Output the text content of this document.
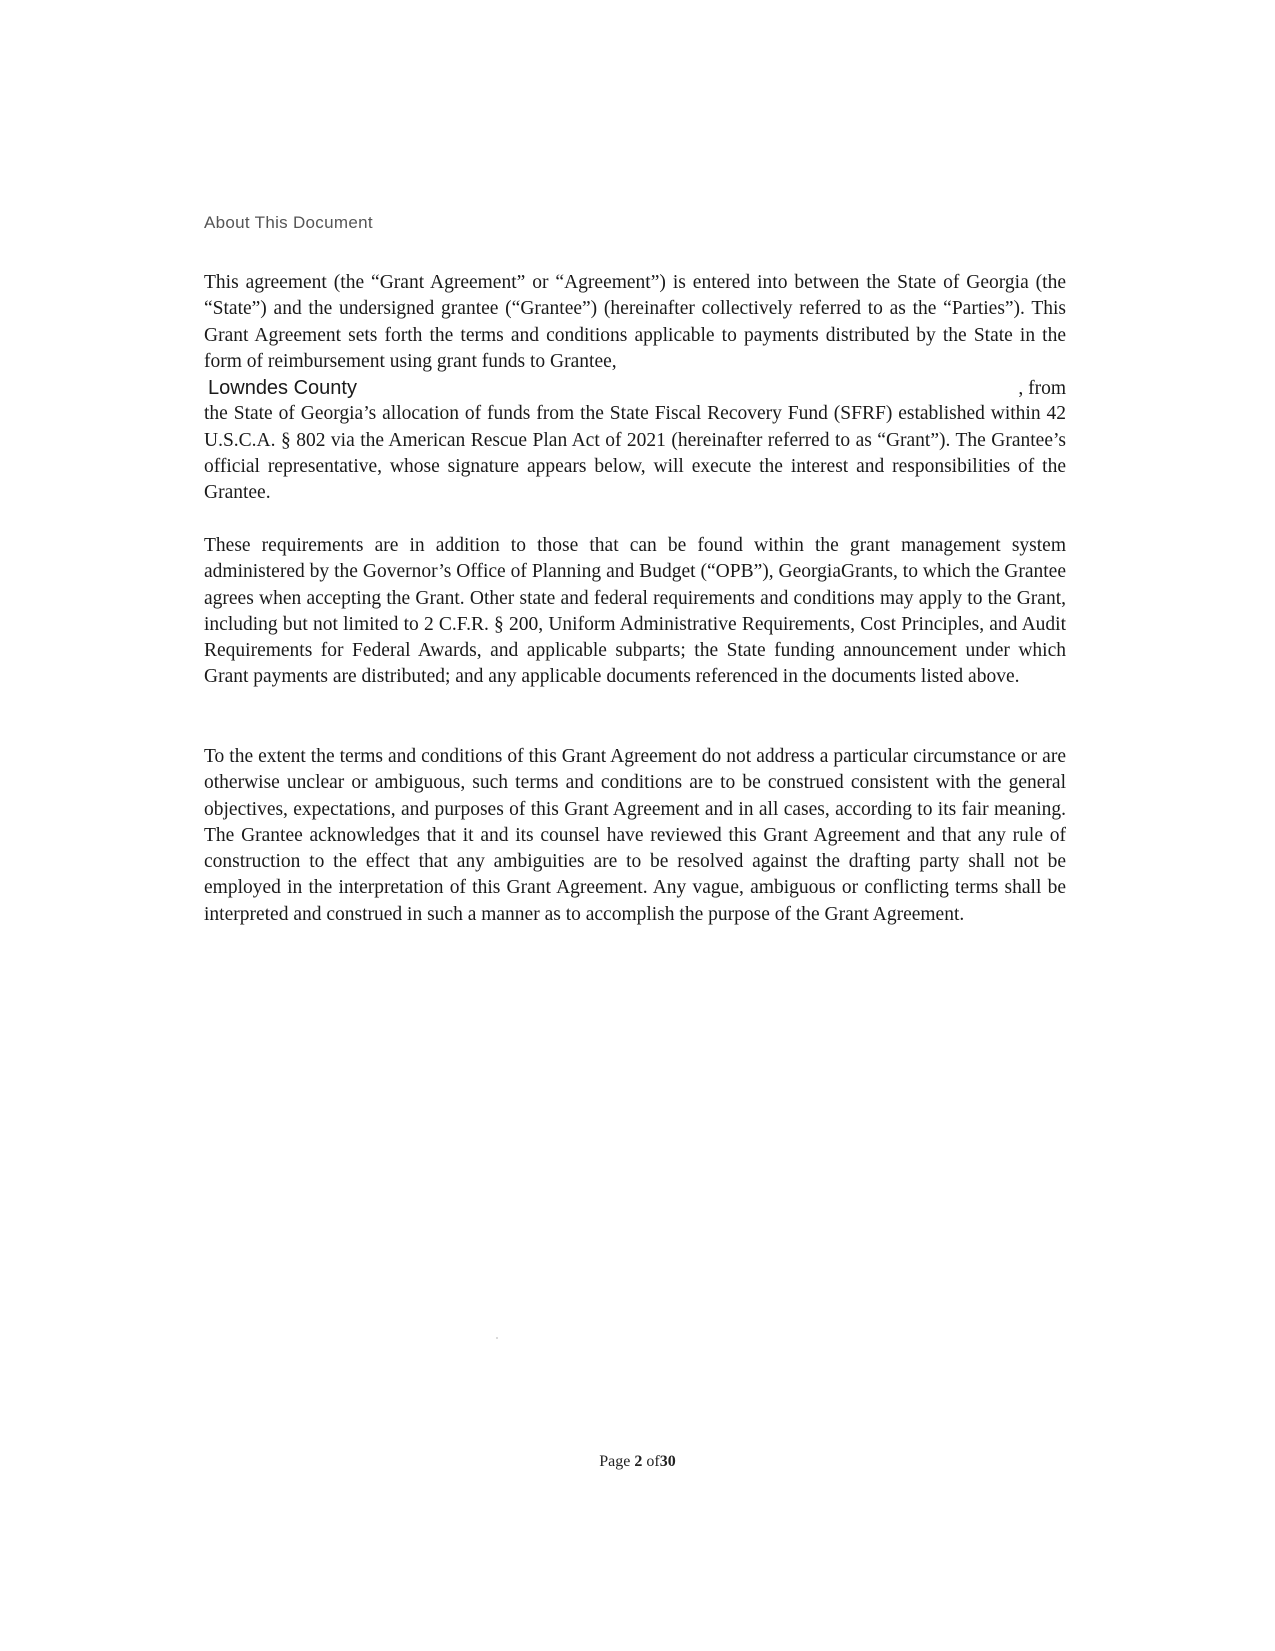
About This Document
This agreement (the “Grant Agreement” or “Agreement”) is entered into between the State of Georgia (the “State”) and the undersigned grantee (“Grantee”) (hereinafter collectively referred to as the “Parties”). This Grant Agreement sets forth the terms and conditions applicable to payments distributed by the State in the form of reimbursement using grant funds to Grantee,
Lowndes County	, from
the State of Georgia’s allocation of funds from the State Fiscal Recovery Fund (SFRF) established within 42 U.S.C.A. § 802 via the American Rescue Plan Act of 2021 (hereinafter referred to as “Grant”). The Grantee’s official representative, whose signature appears below, will execute the interest and responsibilities of the Grantee.

These requirements are in addition to those that can be found within the grant management system administered by the Governor’s Office of Planning and Budget (“OPB”), GeorgiaGrants, to which the Grantee agrees when accepting the Grant. Other state and federal requirements and conditions may apply to the Grant, including but not limited to 2 C.F.R. § 200, Uniform Administrative Requirements, Cost Principles, and Audit Requirements for Federal Awards, and applicable subparts; the State funding announcement under which Grant payments are distributed; and any applicable documents referenced in the documents listed above.

To the extent the terms and conditions of this Grant Agreement do not address a particular circumstance or are otherwise unclear or ambiguous, such terms and conditions are to be construed consistent with the general objectives, expectations, and purposes of this Grant Agreement and in all cases, according to its fair meaning. The Grantee acknowledges that it and its counsel have reviewed this Grant Agreement and that any rule of construction to the effect that any ambiguities are to be resolved against the drafting party shall not be employed in the interpretation of this Grant Agreement. Any vague, ambiguous or conflicting terms shall be interpreted and construed in such a manner as to accomplish the purpose of the Grant Agreement.

Page 2 of30
